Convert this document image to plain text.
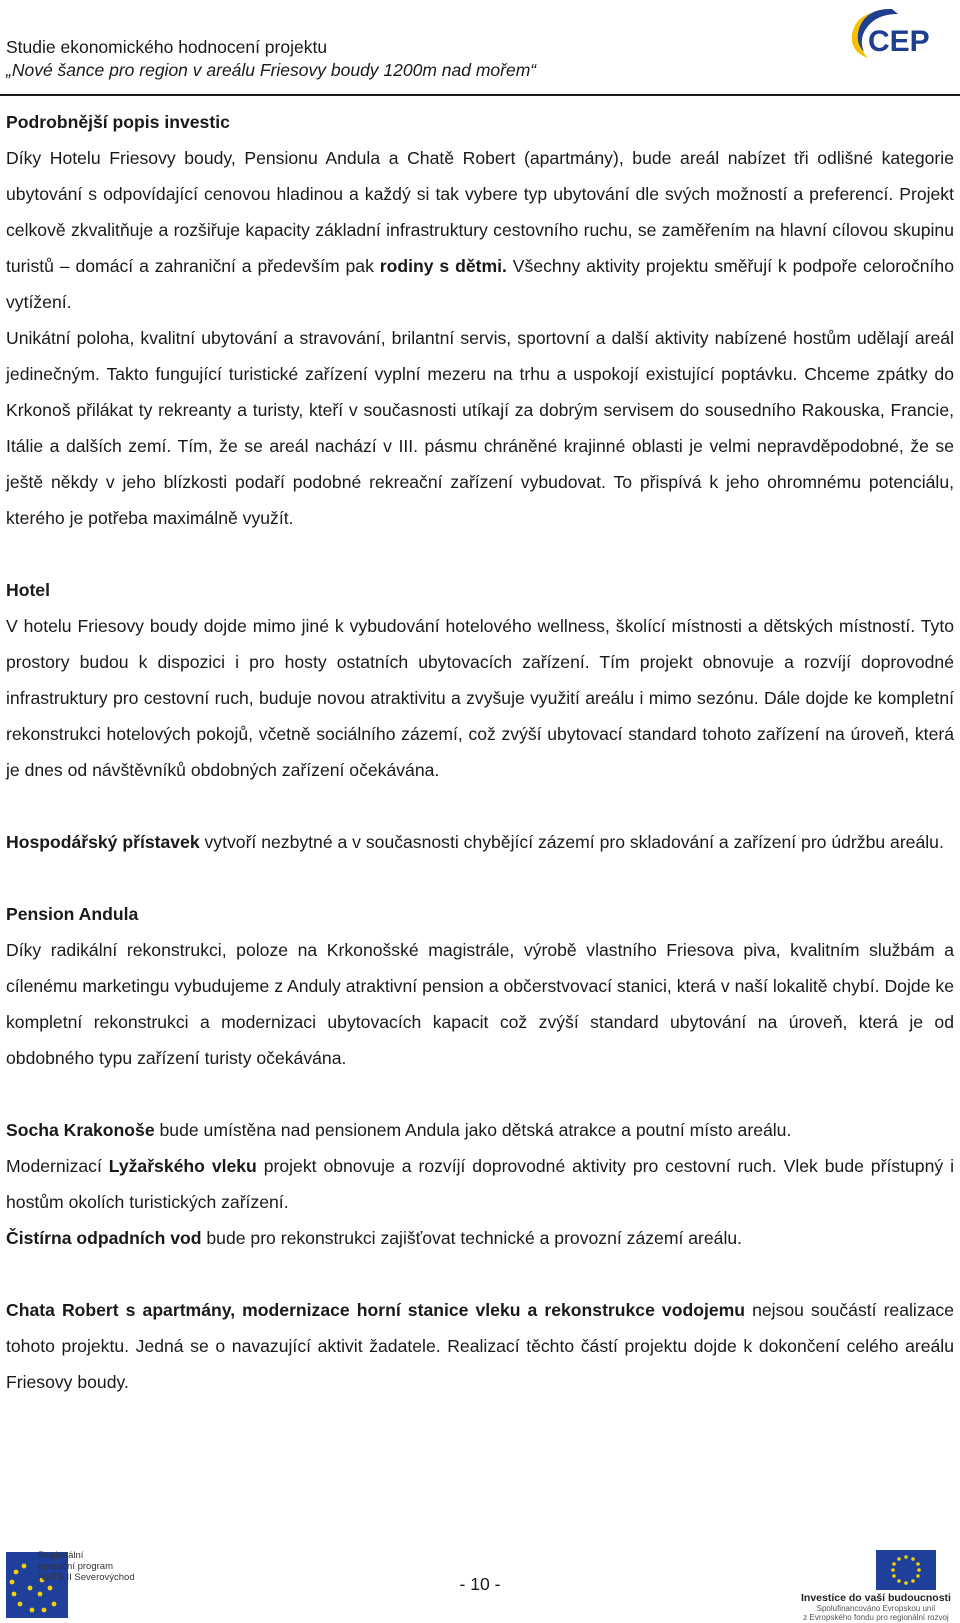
Studie ekonomického hodnocení projektu
„Nové šance pro region v areálu Friesovy boudy 1200m nad mořem“
CEP

Podrobnější popis investic

Díky Hotelu Friesovy boudy, Pensionu Andula a Chatě Robert (apartmány), bude areál nabízet tři odlišné kategorie ubytování s odpovídající cenovou hladinou a každý si tak vybere typ ubytování dle svých možností a preferencí. Projekt celkově zkvalitňuje a rozšiřuje kapacity základní infrastruktury cestovního ruchu, se zaměřením na hlavní cílovou skupinu turistů – domácí a zahraniční a především pak rodiny s dětmi. Všechny aktivity projektu směřují k podpoře celoročního vytížení.

Unikátní poloha, kvalitní ubytování a stravování, brilantní servis, sportovní a další aktivity nabízené hostům udělají areál jedinečným. Takto fungující turistické zařízení vyplní mezeru na trhu a uspokojí existující poptávku. Chceme zpátky do Krkonoš přilákat ty rekreanty a turisty, kteří v současnosti utíkají za dobrým servisem do sousedního Rakouska, Francie, Itálie a dalších zemí. Tím, že se areál nachází v III. pásmu chráněné krajinné oblasti je velmi nepravděpodobné, že se ještě někdy v jeho blízkosti podaří podobné rekreační zařízení vybudovat. To přispívá k jeho ohromnému potenciálu, kterého je potřeba maximálně využít.

Hotel

V hotelu Friesovy boudy dojde mimo jiné k vybudování hotelového wellness, školící místnosti a dětských místností. Tyto prostory budou k dispozici i pro hosty ostatních ubytovacích zařízení. Tím projekt obnovuje a rozvíjí doprovodné infrastruktury pro cestovní ruch, buduje novou atraktivitu a zvyšuje využití areálu i mimo sezónu. Dále dojde ke kompletní rekonstrukci hotelových pokojů, včetně sociálního zázemí, což zvýší ubytovací standard tohoto zařízení na úroveň, která je dnes od návštěvníků obdobných zařízení očekávána.

Hospodářský přístavek vytvoří nezbytné a v současnosti chybějící zázemí pro skladování a zařízení pro údržbu areálu.

Pension Andula

Díky radikální rekonstrukci, poloze na Krkonošské magistrále, výrobě vlastního Friesova piva, kvalitním službám a cílenému marketingu vybudujeme z Anduly atraktivní pension a občerstvovací stanici, která v naší lokalitě chybí. Dojde ke kompletní rekonstrukci a modernizaci ubytovacích kapacit což zvýší standard ubytování na úroveň, která je od obdobného typu zařízení turisty očekávána.

Socha Krakonoše bude umístěna nad pensionem Andula jako dětská atrakce a poutní místo areálu.

Modernizací Lyžařského vleku projekt obnovuje a rozvíjí doprovodné aktivity pro cestovní ruch. Vlek bude přístupný i hostům okolích turistických zařízení.

Čistírna odpadních vod bude pro rekonstrukci zajišťovat technické a provozní zázemí areálu.

Chata Robert s apartmány, modernizace horní stanice vleku a rekonstrukce vodojemu nejsou součástí realizace tohoto projektu. Jedná se o navazující aktivit žadatele. Realizací těchto částí projektu dojde k dokončení celého areálu Friesovy boudy.

Regionální
operační program
NUTS II Severovýchod	- 10 -
Investice do vaší budoucnosti
Spolufinancováno Evropskou unií
z Evropského fondu pro regionální rozvoj
